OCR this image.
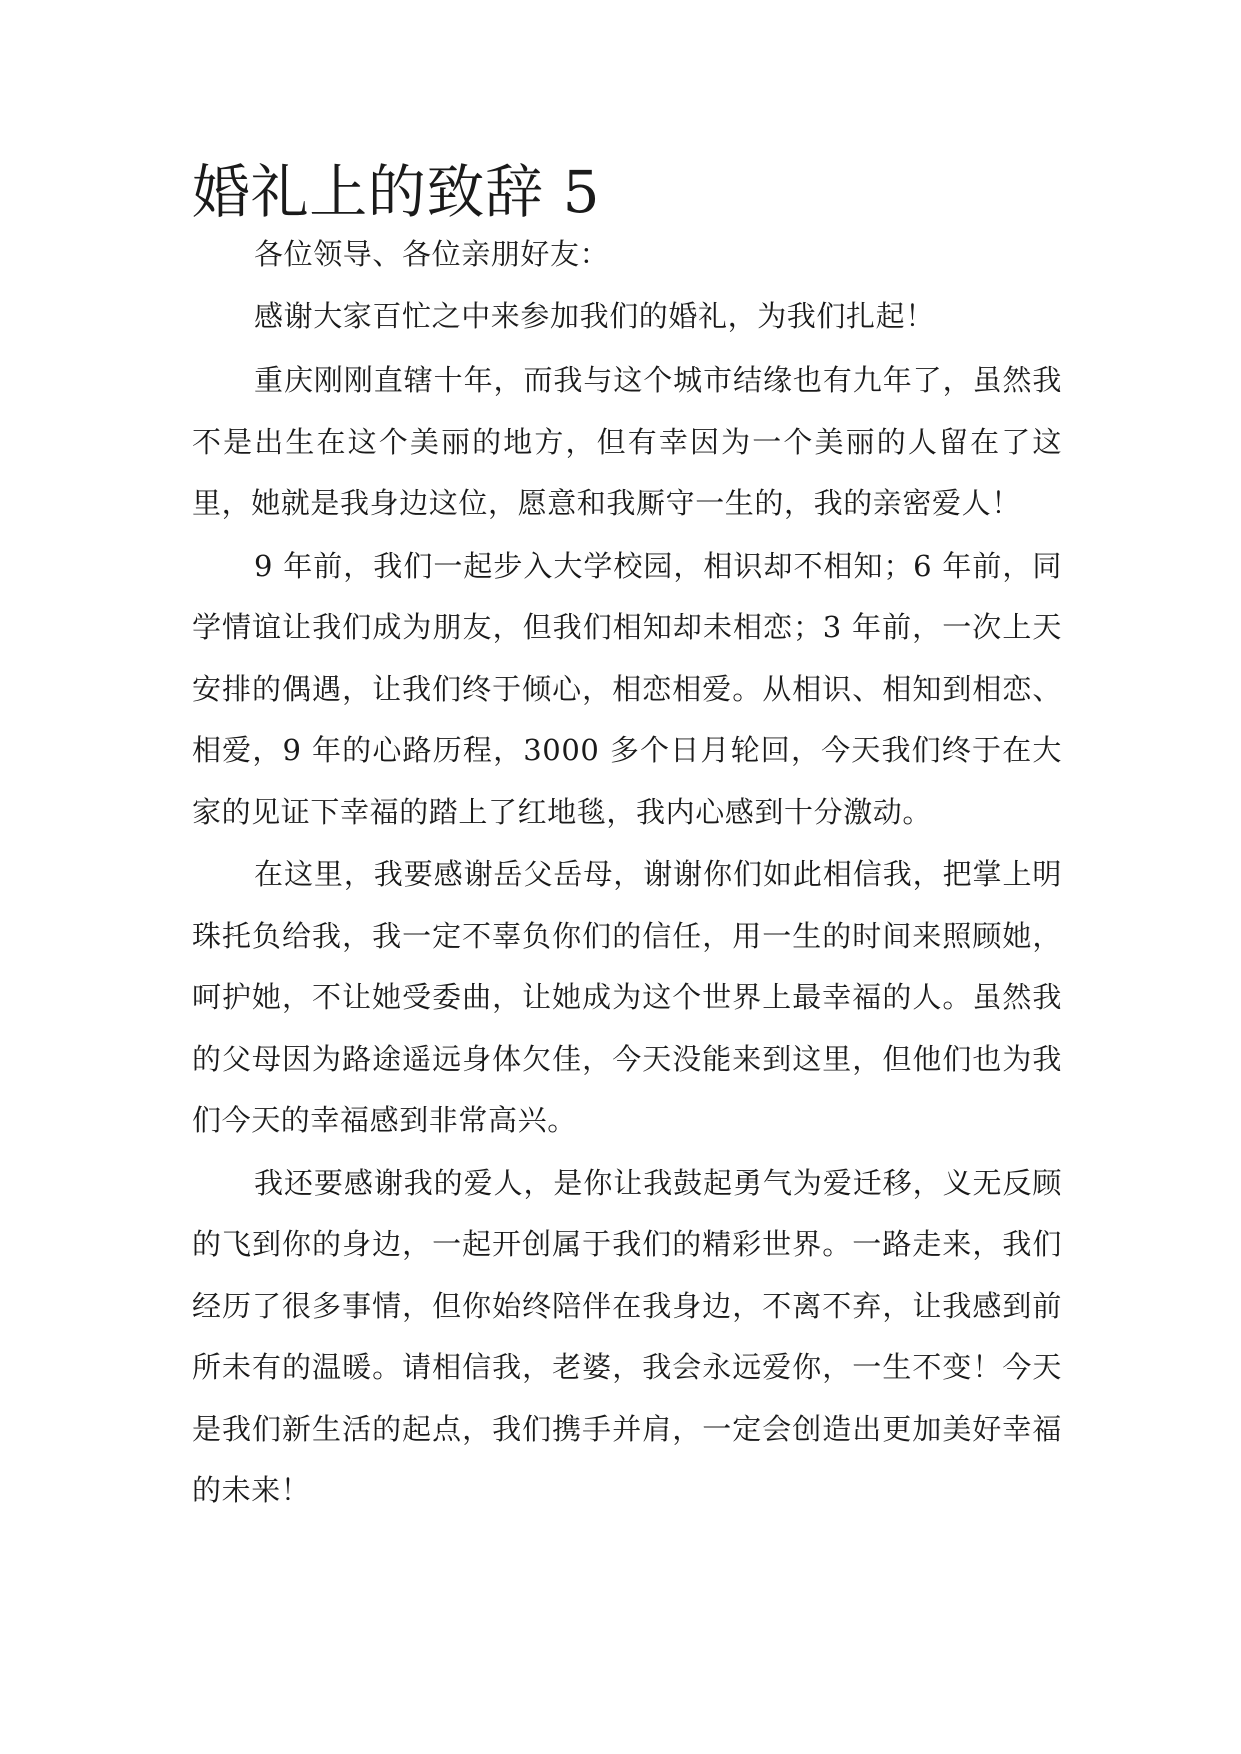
婚礼上的致辞 5

各位领导、各位亲朋好友：

感谢大家百忙之中来参加我们的婚礼，为我们扎起！

重庆刚刚直辖十年，而我与这个城市结缘也有九年了，虽然我不是出生在这个美丽的地方，但有幸因为一个美丽的人留在了这里，她就是我身边这位，愿意和我厮守一生的，我的亲密爱人！

9 年前，我们一起步入大学校园，相识却不相知；6 年前，同学情谊让我们成为朋友，但我们相知却未相恋；3 年前，一次上天安排的偶遇，让我们终于倾心，相恋相爱。从相识、相知到相恋、相爱，9 年的心路历程，3000 多个日月轮回，今天我们终于在大家的见证下幸福的踏上了红地毯，我内心感到十分激动。

在这里，我要感谢岳父岳母，谢谢你们如此相信我，把掌上明珠托负给我，我一定不辜负你们的信任，用一生的时间来照顾她，呵护她，不让她受委曲，让她成为这个世界上最幸福的人。虽然我的父母因为路途遥远身体欠佳，今天没能来到这里，但他们也为我们今天的幸福感到非常高兴。

我还要感谢我的爱人，是你让我鼓起勇气为爱迁移，义无反顾的飞到你的身边，一起开创属于我们的精彩世界。一路走来，我们经历了很多事情，但你始终陪伴在我身边，不离不弃，让我感到前所未有的温暖。请相信我，老婆，我会永远爱你，一生不变！今天是我们新生活的起点，我们携手并肩，一定会创造出更加美好幸福的未来！
